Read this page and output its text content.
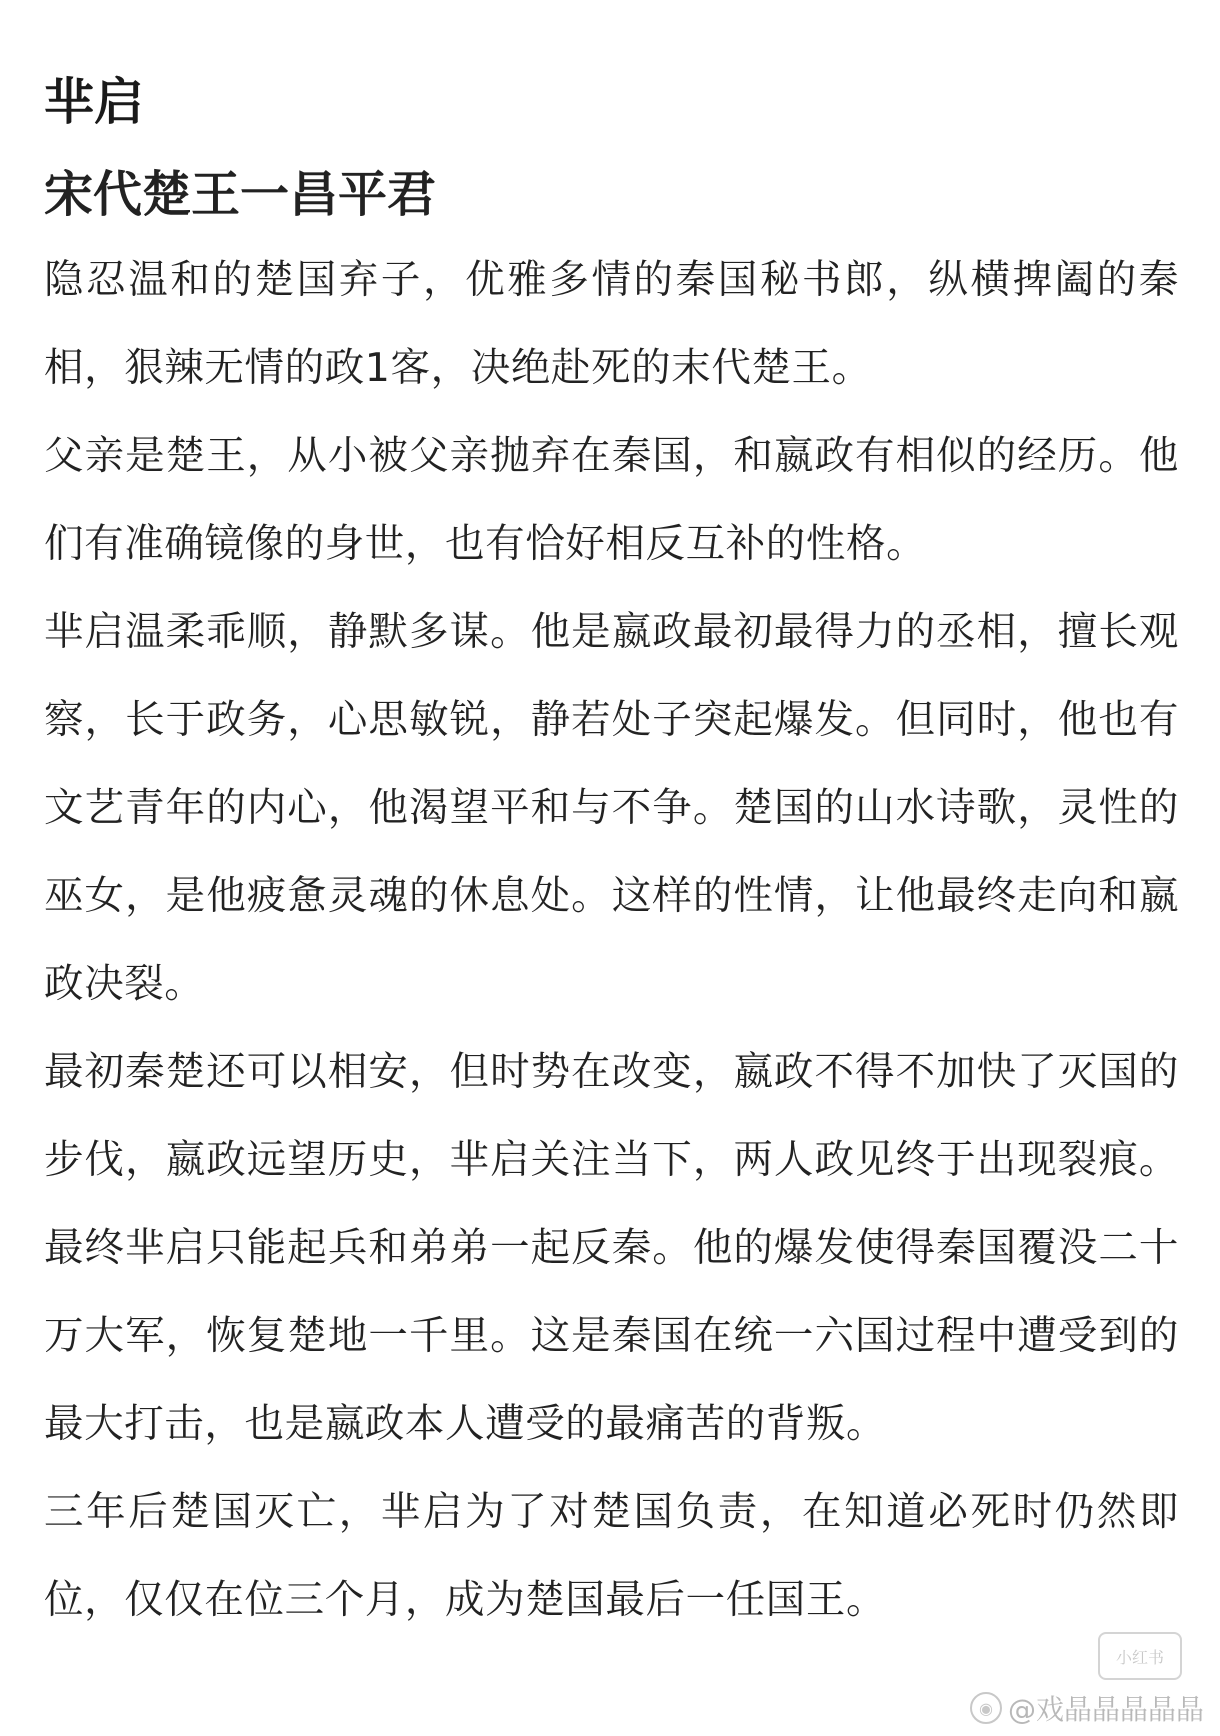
芈启
宋代楚王一昌平君

隐忍温和的楚国弃子，优雅多情的秦国秘书郎，纵横捭阖的秦相，狠辣无情的政1客，决绝赴死的末代楚王。

父亲是楚王，从小被父亲抛弃在秦国，和嬴政有相似的经历。他们有准确镜像的身世，也有恰好相反互补的性格。

芈启温柔乖顺，静默多谋。他是嬴政最初最得力的丞相，擅长观察，长于政务，心思敏锐，静若处子突起爆发。但同时，他也有文艺青年的内心，他渴望平和与不争。楚国的山水诗歌，灵性的巫女，是他疲惫灵魂的休息处。这样的性情，让他最终走向和嬴政决裂。

最初秦楚还可以相安，但时势在改变，嬴政不得不加快了灭国的步伐，嬴政远望历史，芈启关注当下，两人政见终于出现裂痕。最终芈启只能起兵和弟弟一起反秦。他的爆发使得秦国覆没二十万大军，恢复楚地一千里。这是秦国在统一六国过程中遭受到的最大打击，也是嬴政本人遭受的最痛苦的背叛。

三年后楚国灭亡，芈启为了对楚国负责，在知道必死时仍然即位，仅仅在位三个月，成为楚国最后一任国王。

小红书
◉ @戏晶晶晶晶晶
